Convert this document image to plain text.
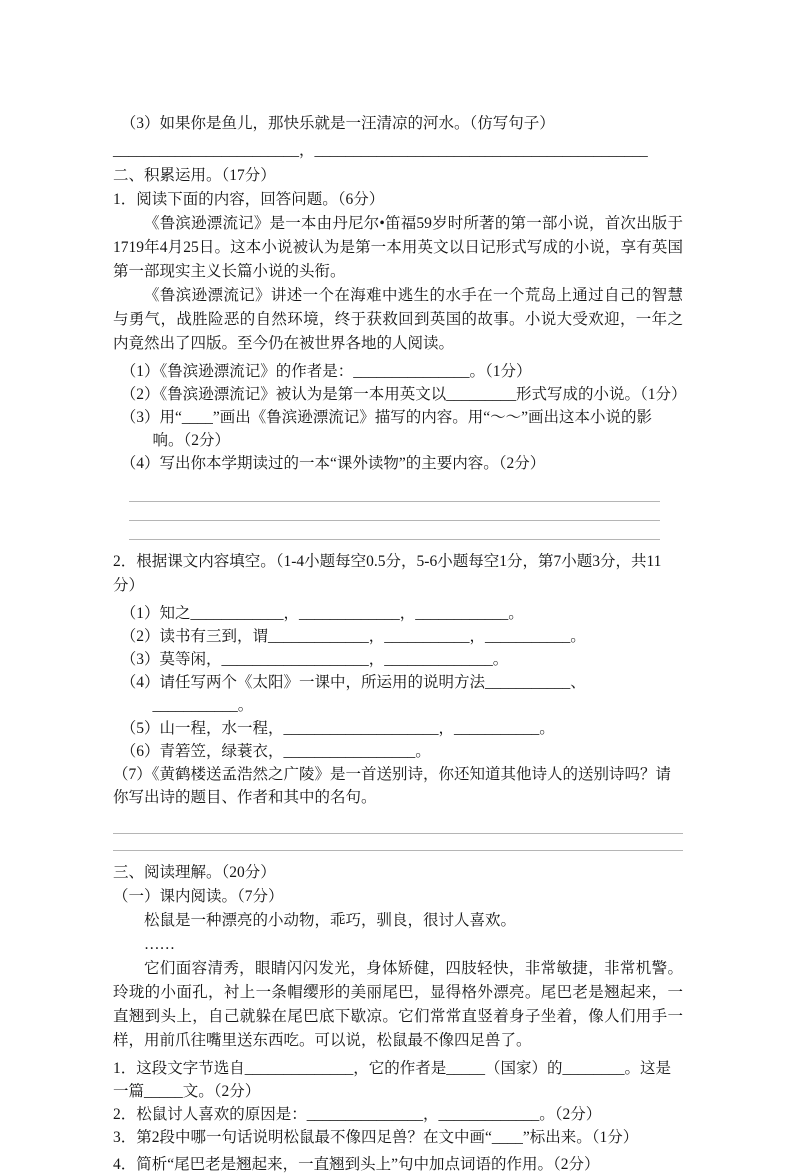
（3）如果你是鱼儿，那快乐就是一汪清凉的河水。（仿写句子）

________________________，___________________________________________

二、积累运用。（17分）

1．阅读下面的内容，回答问题。（6分）

《鲁滨逊漂流记》是一本由丹尼尔•笛福59岁时所著的第一部小说，首次出版于1719年4月25日。这本小说被认为是第一本用英文以日记形式写成的小说，享有英国第一部现实主义长篇小说的头衔。

《鲁滨逊漂流记》讲述一个在海难中逃生的水手在一个荒岛上通过自己的智慧与勇气，战胜险恶的自然环境，终于获救回到英国的故事。小说大受欢迎，一年之内竟然出了四版。至今仍在被世界各地的人阅读。

（1）《鲁滨逊漂流记》的作者是：_______________。（1分）

（2）《鲁滨逊漂流记》被认为是第一本用英文以_________形式写成的小说。（1分）

（3）用“____”画出《鲁滨逊漂流记》描写的内容。用“～～”画出这本小说的影响。（2分）

（4）写出你本学期读过的一本“课外读物”的主要内容。（2分）

2．根据课文内容填空。（1-4小题每空0.5分，5-6小题每空1分，第7小题3分，共11分）

（1）知之____________，_____________，____________。

（2）读书有三到，谓_____________，___________，___________。

（3）莫等闲，___________________，______________。

（4）请任写两个《太阳》一课中，所运用的说明方法___________、___________。

（5）山一程，水一程，____________________，___________。

（6）青箬笠，绿蓑衣，_________________。

（7）《黄鹤楼送孟浩然之广陵》是一首送别诗，你还知道其他诗人的送别诗吗？请你写出诗的题目、作者和其中的名句。

三、阅读理解。（20分）

（一）课内阅读。（7分）

松鼠是一种漂亮的小动物，乖巧，驯良，很讨人喜欢。

……

它们面容清秀，眼睛闪闪发光，身体矫健，四肢轻快，非常敏捷，非常机警。玲珑的小面孔，衬上一条帽缨形的美丽尾巴，显得格外漂亮。尾巴老是翘起来，一直翘到头上，自己就躲在尾巴底下歇凉。它们常常直竖着身子坐着，像人们用手一样，用前爪往嘴里送东西吃。可以说，松鼠最不像四足兽了。

1．这段文字节选自______________，它的作者是_____（国家）的________。这是一篇_____文。（2分）

2．松鼠讨人喜欢的原因是：_______________，_____________。（2分）

3．第2段中哪一句话说明松鼠最不像四足兽？在文中画“____”标出来。（1分）

4．简析“尾巴老是翘起来，一直翘到头上”句中加点词语的作用。（2分）
